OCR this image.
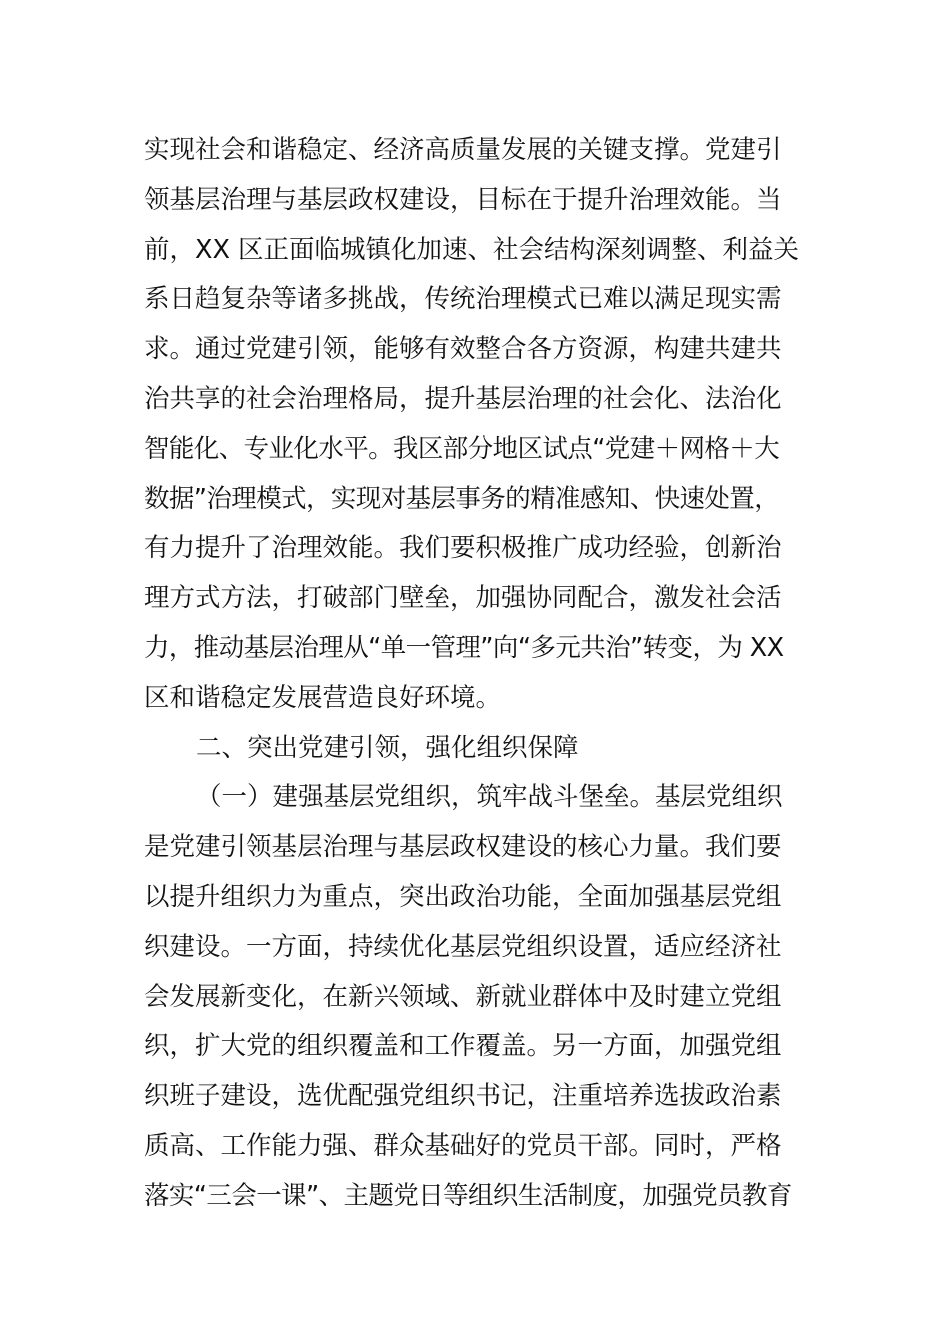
实现社会和谐稳定、经济高质量发展的关键支撑。党建引
领基层治理与基层政权建设，目标在于提升治理效能。当
前，XX 区正面临城镇化加速、社会结构深刻调整、利益关
系日趋复杂等诸多挑战，传统治理模式已难以满足现实需
求。通过党建引领，能够有效整合各方资源，构建共建共
治共享的社会治理格局，提升基层治理的社会化、法治化
智能化、专业化水平。我区部分地区试点“党建＋网格＋大
数据”治理模式，实现对基层事务的精准感知、快速处置，
有力提升了治理效能。我们要积极推广成功经验，创新治
理方式方法，打破部门壁垒，加强协同配合，激发社会活
力，推动基层治理从“单一管理”向“多元共治”转变，为 XX
区和谐稳定发展营造良好环境。
二、突出党建引领，强化组织保障
（一）建强基层党组织，筑牢战斗堡垒。基层党组织
是党建引领基层治理与基层政权建设的核心力量。我们要
以提升组织力为重点，突出政治功能，全面加强基层党组
织建设。一方面，持续优化基层党组织设置，适应经济社
会发展新变化，在新兴领域、新就业群体中及时建立党组
织，扩大党的组织覆盖和工作覆盖。另一方面，加强党组
织班子建设，选优配强党组织书记，注重培养选拔政治素
质高、工作能力强、群众基础好的党员干部。同时，严格
落实“三会一课”、主题党日等组织生活制度，加强党员教育
